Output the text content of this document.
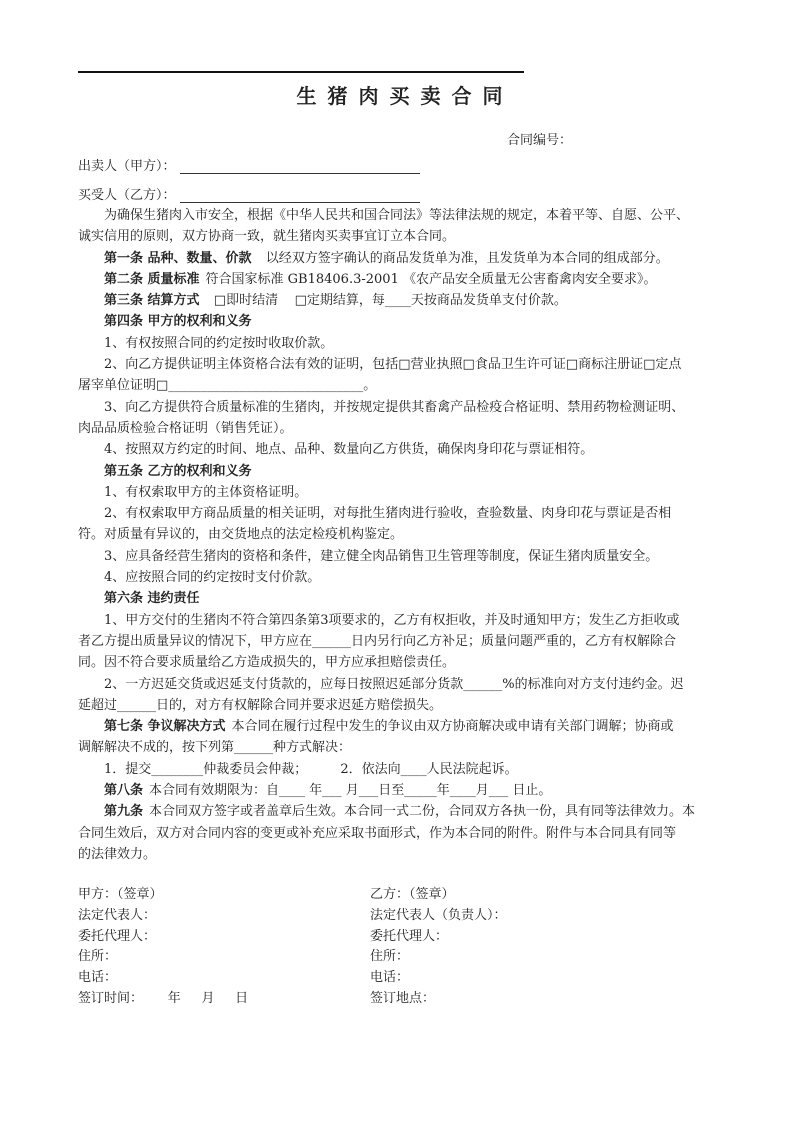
生猪肉买卖合同
合同编号：
出卖人（甲方）：
买受人（乙方）：
为确保生猪肉入市安全，根据《中华人民共和国合同法》等法律法规的规定，本着平等、自愿、公平、
诚实信用的原则，双方协商一致，就生猪肉买卖事宜订立本合同。
第一条 品种、数量、价款  以经双方签字确认的商品发货单为准，且发货单为本合同的组成部分。
第二条 质量标准 符合国家标准 GB18406.3-2001 《农产品安全质量无公害畜禽肉安全要求》。
第三条 结算方式  □即时结清    □定期结算，每____天按商品发货单支付价款。
第四条 甲方的权利和义务
1、有权按照合同的约定按时收取价款。
2、向乙方提供证明主体资格合法有效的证明，包括□营业执照□食品卫生许可证□商标注册证□定点
屠宰单位证明□______________________________。
3、向乙方提供符合质量标准的生猪肉，并按规定提供其畜禽产品检疫合格证明、禁用药物检测证明、
肉品品质检验合格证明（销售凭证）。
4、按照双方约定的时间、地点、品种、数量向乙方供货，确保肉身印花与票证相符。
第五条 乙方的权利和义务
1、有权索取甲方的主体资格证明。
2、有权索取甲方商品质量的相关证明，对每批生猪肉进行验收，查验数量、肉身印花与票证是否相
符。对质量有异议的，由交货地点的法定检疫机构鉴定。
3、应具备经营生猪肉的资格和条件，建立健全肉品销售卫生管理等制度，保证生猪肉质量安全。
4、应按照合同的约定按时支付价款。
第六条 违约责任
1、甲方交付的生猪肉不符合第四条第3项要求的，乙方有权拒收，并及时通知甲方；发生乙方拒收或
者乙方提出质量异议的情况下，甲方应在______日内另行向乙方补足；质量问题严重的，乙方有权解除合
同。因不符合要求质量给乙方造成损失的，甲方应承担赔偿责任。
2、一方迟延交货或迟延支付货款的，应每日按照迟延部分货款______%的标准向对方支付违约金。迟
延超过______日的，对方有权解除合同并要求迟延方赔偿损失。
第七条 争议解决方式 本合同在履行过程中发生的争议由双方协商解决或申请有关部门调解；协商或
调解解决不成的，按下列第______种方式解决：
1．提交________仲裁委员会仲裁；        2．依法向____人民法院起诉。
第八条 本合同有效期限为：自____ 年___ 月___日至_____年____月___ 日止。
第九条 本合同双方签字或者盖章后生效。本合同一式二份，合同双方各执一份，具有同等法律效力。本
合同生效后，双方对合同内容的变更或补充应采取书面形式，作为本合同的附件。附件与本合同具有同等
的法律效力。
甲方：（签章）	乙方：（签章）
法定代表人：	法定代表人（负责人）：
委托代理人：	委托代理人：
住所：	住所：
电话：	电话：
签订时间：      年     月     日	签订地点：
